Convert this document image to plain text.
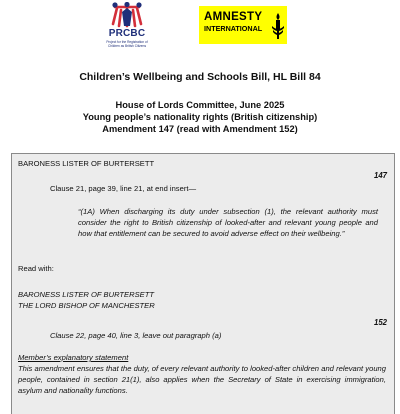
PRCBC
Project for the Registration of Children as British Citizens
AMNESTY
INTERNATIONAL
Children’s Wellbeing and Schools Bill, HL Bill 84
House of Lords Committee, June 2025
Young people’s nationality rights (British citizenship)
Amendment 147 (read with Amendment 152)
BARONESS LISTER OF BURTERSETT
147
Clause 21, page 39, line 21, at end insert—
“(1A) When discharging its duty under subsection (1), the relevant authority must consider the right to British citizenship of looked-after and relevant young people and how that entitlement can be secured to avoid adverse effect on their wellbeing.”
Read with:
BARONESS LISTER OF BURTERSETT
THE LORD BISHOP OF MANCHESTER
152
Clause 22, page 40, line 3, leave out paragraph (a)
Member’s explanatory statement
This amendment ensures that the duty, of every relevant authority to looked-after children and relevant young people, contained in section 21(1), also applies when the Secretary of State in exercising immigration, asylum and nationality functions.
